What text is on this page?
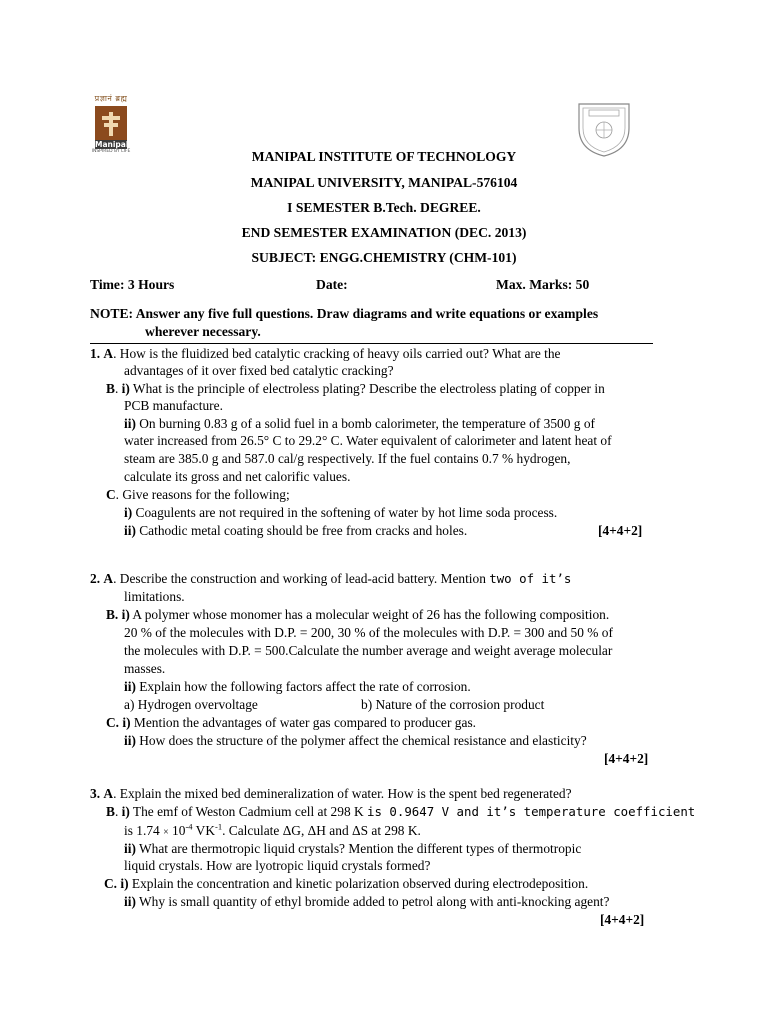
प्रज्ञानं ब्रह्म
Manipal
INSPIRED BY LIFE	MANIPAL INSTITUTE OF TECHNOLOGY
MANIPAL UNIVERSITY, MANIPAL-576104
I SEMESTER B.Tech. DEGREE.
END SEMESTER EXAMINATION (DEC. 2013)
SUBJECT: ENGG.CHEMISTRY (CHM-101)
Time: 3 Hours	Date:	Max. Marks: 50
NOTE: Answer any five full questions. Draw diagrams and write equations or examples
wherever necessary.
1. A. How is the fluidized bed catalytic cracking of heavy oils carried out? What are the
advantages of it over fixed bed catalytic cracking?
B. i) What is the principle of electroless plating? Describe the electroless plating of copper in
PCB manufacture.
ii) On burning 0.83 g of a solid fuel in a bomb calorimeter, the temperature of 3500 g of
water increased from 26.5° C to 29.2° C. Water equivalent of calorimeter and latent heat of
steam are 385.0 g and 587.0 cal/g respectively. If the fuel contains 0.7 % hydrogen,
calculate its gross and net calorific values.
C. Give reasons for the following;
i) Coagulents are not required in the softening of water by hot lime soda process.
ii) Cathodic metal coating should be free from cracks and holes.	[4+4+2]
2. A. Describe the construction and working of lead-acid battery. Mention two of it’s
limitations.
B. i) A polymer whose monomer has a molecular weight of 26 has the following composition.
20 % of the molecules with D.P. = 200, 30 % of the molecules with D.P. = 300 and 50 % of
the molecules with D.P. = 500.Calculate the number average and weight average molecular
masses.
ii) Explain how the following factors affect the rate of corrosion.
a) Hydrogen overvoltage	b) Nature of the corrosion product
C. i) Mention the advantages of water gas compared to producer gas.
ii) How does the structure of the polymer affect the chemical resistance and elasticity?
[4+4+2]
3. A. Explain the mixed bed demineralization of water. How is the spent bed regenerated?
B. i) The emf of Weston Cadmium cell at 298 K is 0.9647 V and it’s temperature coefficient
is $1.74 \times 10^{-4}$ $VK^{-1}$. Calculate ΔG, ΔH and ΔS at 298 K.
ii) What are thermotropic liquid crystals? Mention the different types of thermotropic
liquid crystals. How are lyotropic liquid crystals formed?
C. i) Explain the concentration and kinetic polarization observed during electrodeposition.
ii) Why is small quantity of ethyl bromide added to petrol along with anti-knocking agent?
[4+4+2]
